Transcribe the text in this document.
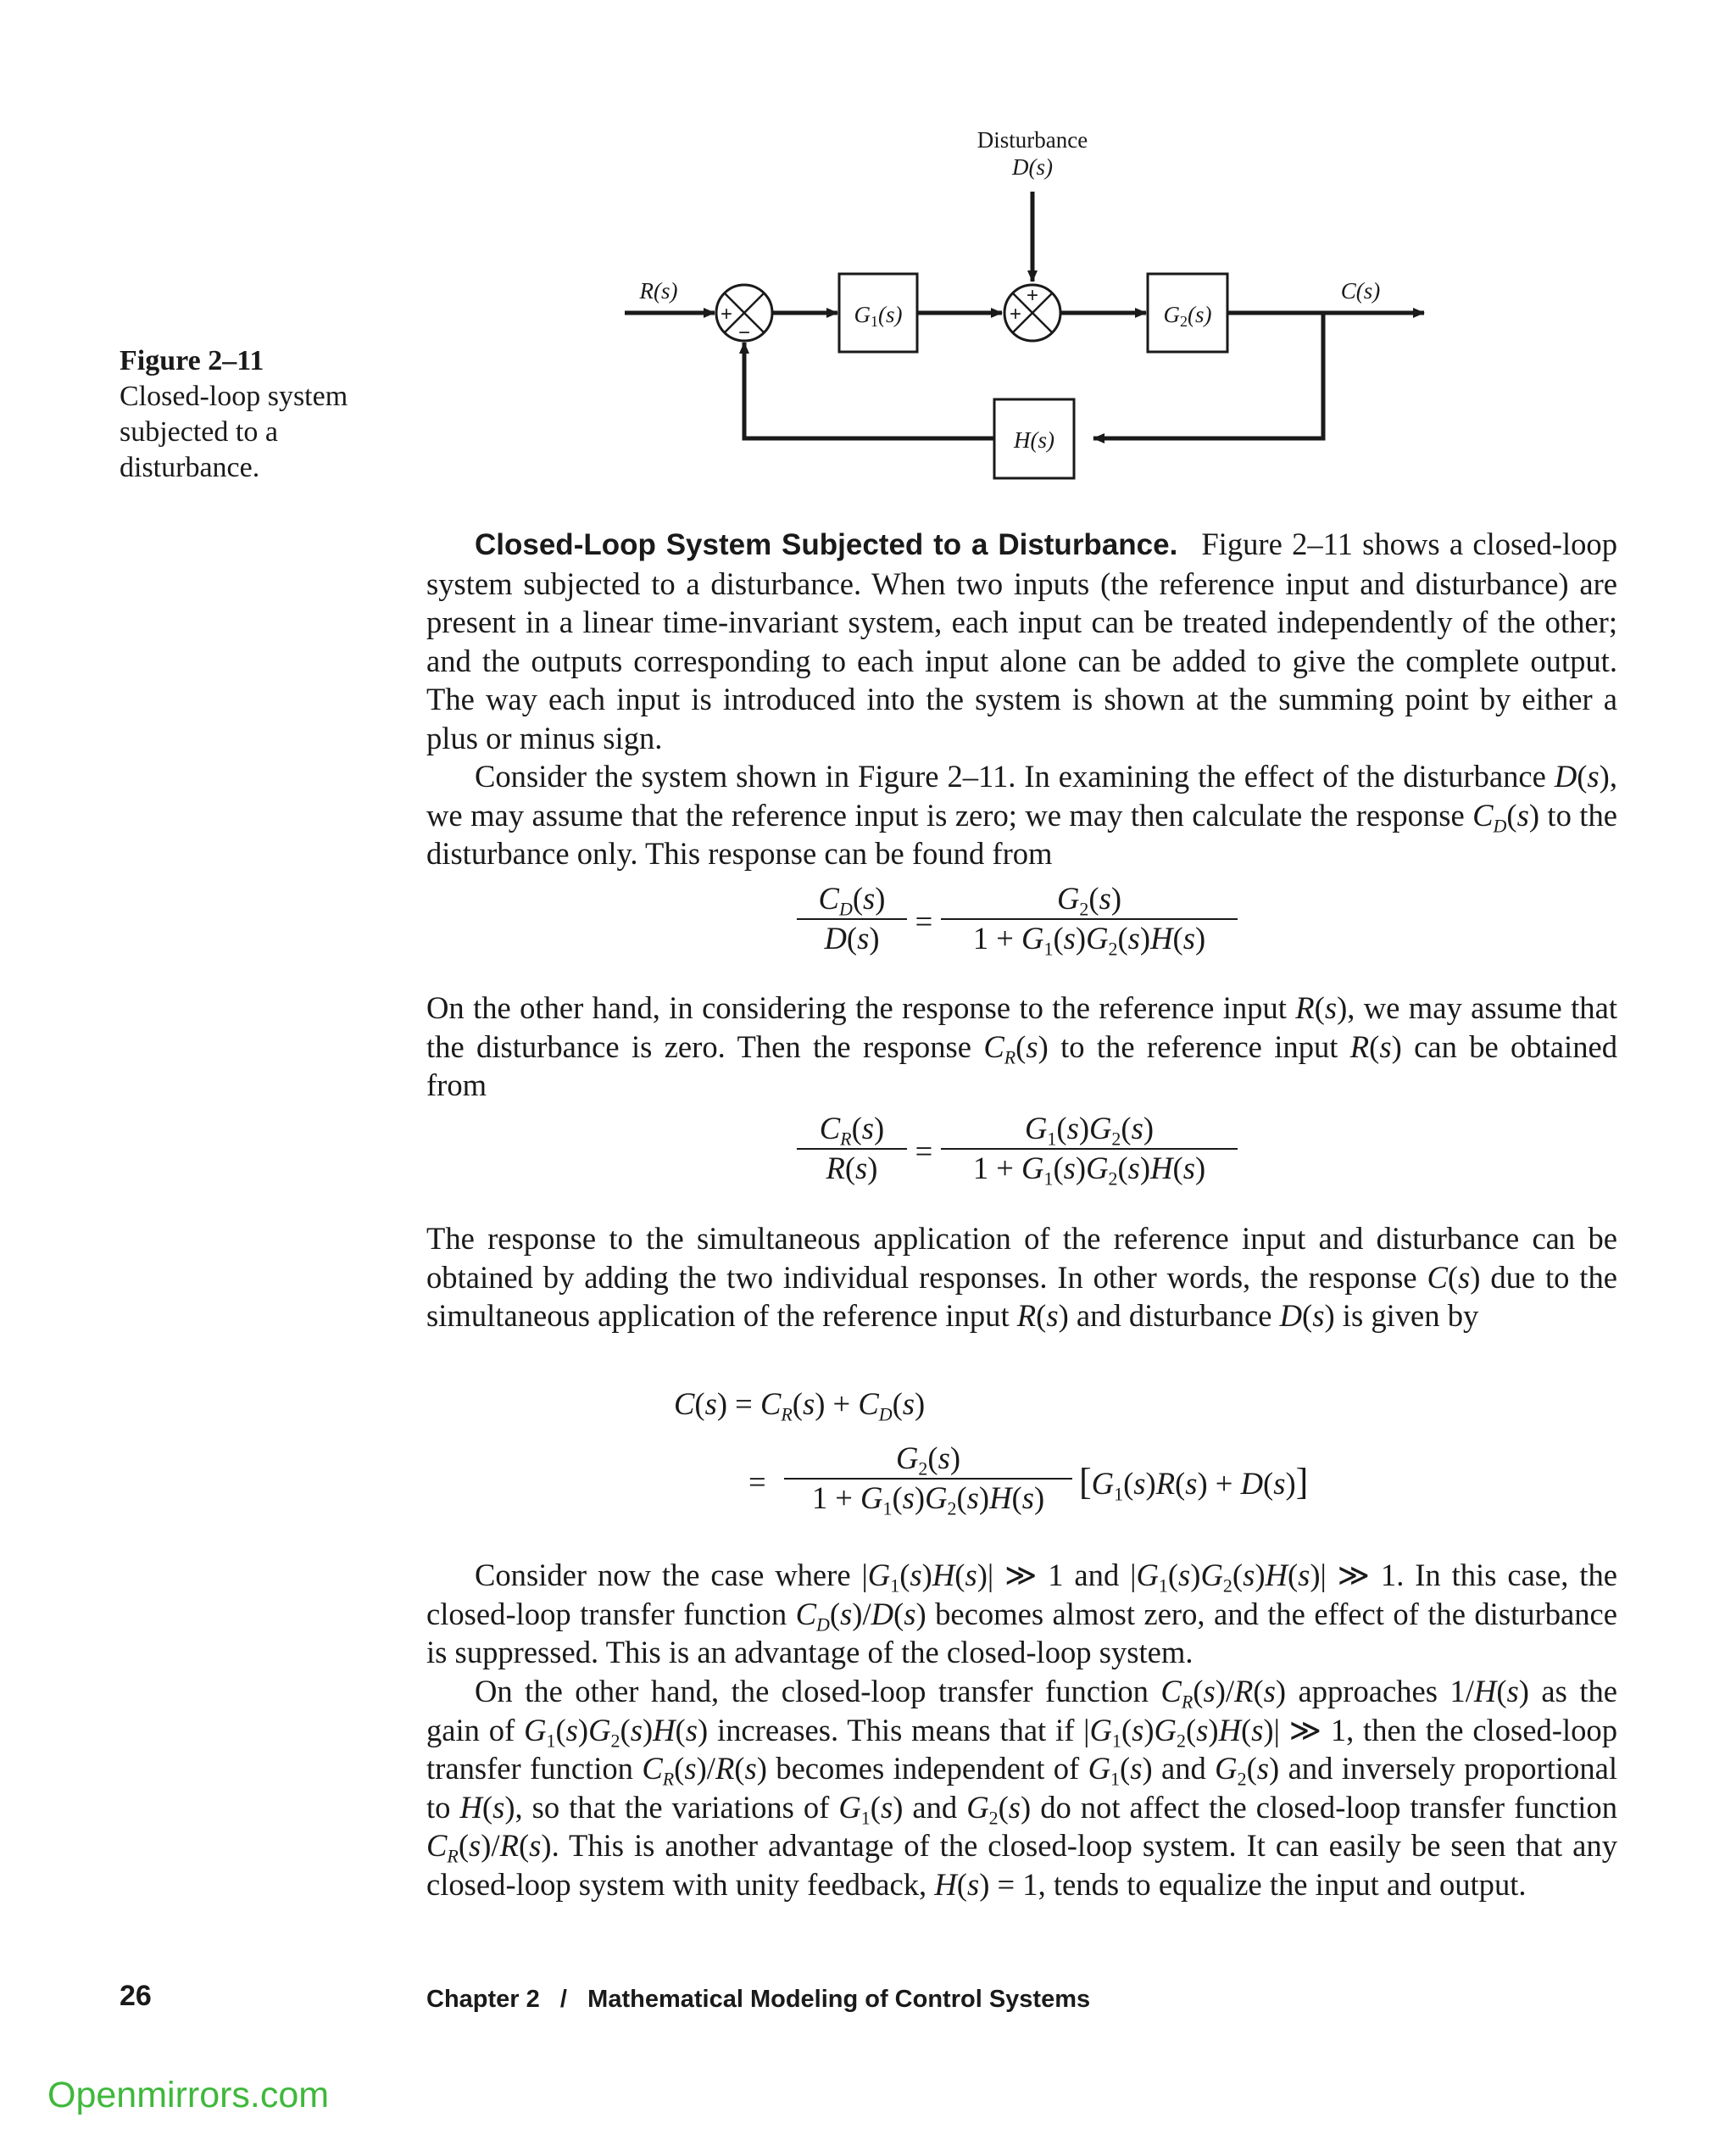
Disturbance
D(s)
R(s)	C(s)
+
−
G1(s)
+
+	G2(s)
H(s)
Figure 2–11
Closed-loop system subjected to a disturbance.

Closed-Loop System Subjected to a Disturbance. Figure 2–11 shows a closed-loop system subjected to a disturbance. When two inputs (the reference input and disturbance) are present in a linear time-invariant system, each input can be treated independently of the other; and the outputs corresponding to each input alone can be added to give the complete output. The way each input is introduced into the system is shown at the summing point by either a plus or minus sign.

Consider the system shown in Figure 2–11. In examining the effect of the disturbance D(s), we may assume that the reference input is zero; we may then calculate the response $C_D(s)$ to the disturbance only. This response can be found from

$C_D(s)$
D(s)	=
$G_2(s)$
$1 + G_1(s)G_2(s)H(s)$

On the other hand, in considering the response to the reference input R(s), we may assume that the disturbance is zero. Then the response $C_R(s)$ to the reference input R(s) can be obtained from

$C_R(s)$
R(s)	=
$G_1(s)G_2(s)$
$1 + G_1(s)G_2(s)H(s)$

The response to the simultaneous application of the reference input and disturbance can be obtained by adding the two individual responses. In other words, the response C(s) due to the simultaneous application of the reference input R(s) and disturbance D(s) is given by

$C(s) = C_R(s) + C_D(s)$
=
$G_2(s)$
$1 + G_1(s)G_2(s)H(s) [G_1(s)R(s) + D(s)]$

Consider now the case where $|G_1(s)H(s)|$ ≫ 1 and $|G_1(s)G_2(s)H(s)|$ ≫ 1. In this case, the closed-loop transfer function $C_D(s)/D(s)$ becomes almost zero, and the effect of the disturbance is suppressed. This is an advantage of the closed-loop system.

On the other hand, the closed-loop transfer function $C_R(s)/R(s)$ approaches 1/H(s) as the gain of $G_1(s)G_2(s)H(s)$ increases. This means that if $|G_1(s)G_2(s)H(s)|$ ≫ 1, then the closed-loop transfer function $C_R(s)/R(s)$ becomes independent of $G_1(s)$ and $G_2(s)$ and inversely proportional to H(s), so that the variations of $G_1(s)$ and $G_2(s)$ do not affect the closed-loop transfer function $C_R(s)/R(s)$. This is another advantage of the closed-loop system. It can easily be seen that any closed-loop system with unity feedback, H(s) = 1, tends to equalize the input and output.

26	Chapter 2   /   Mathematical Modeling of Control Systems
Openmirrors.com
